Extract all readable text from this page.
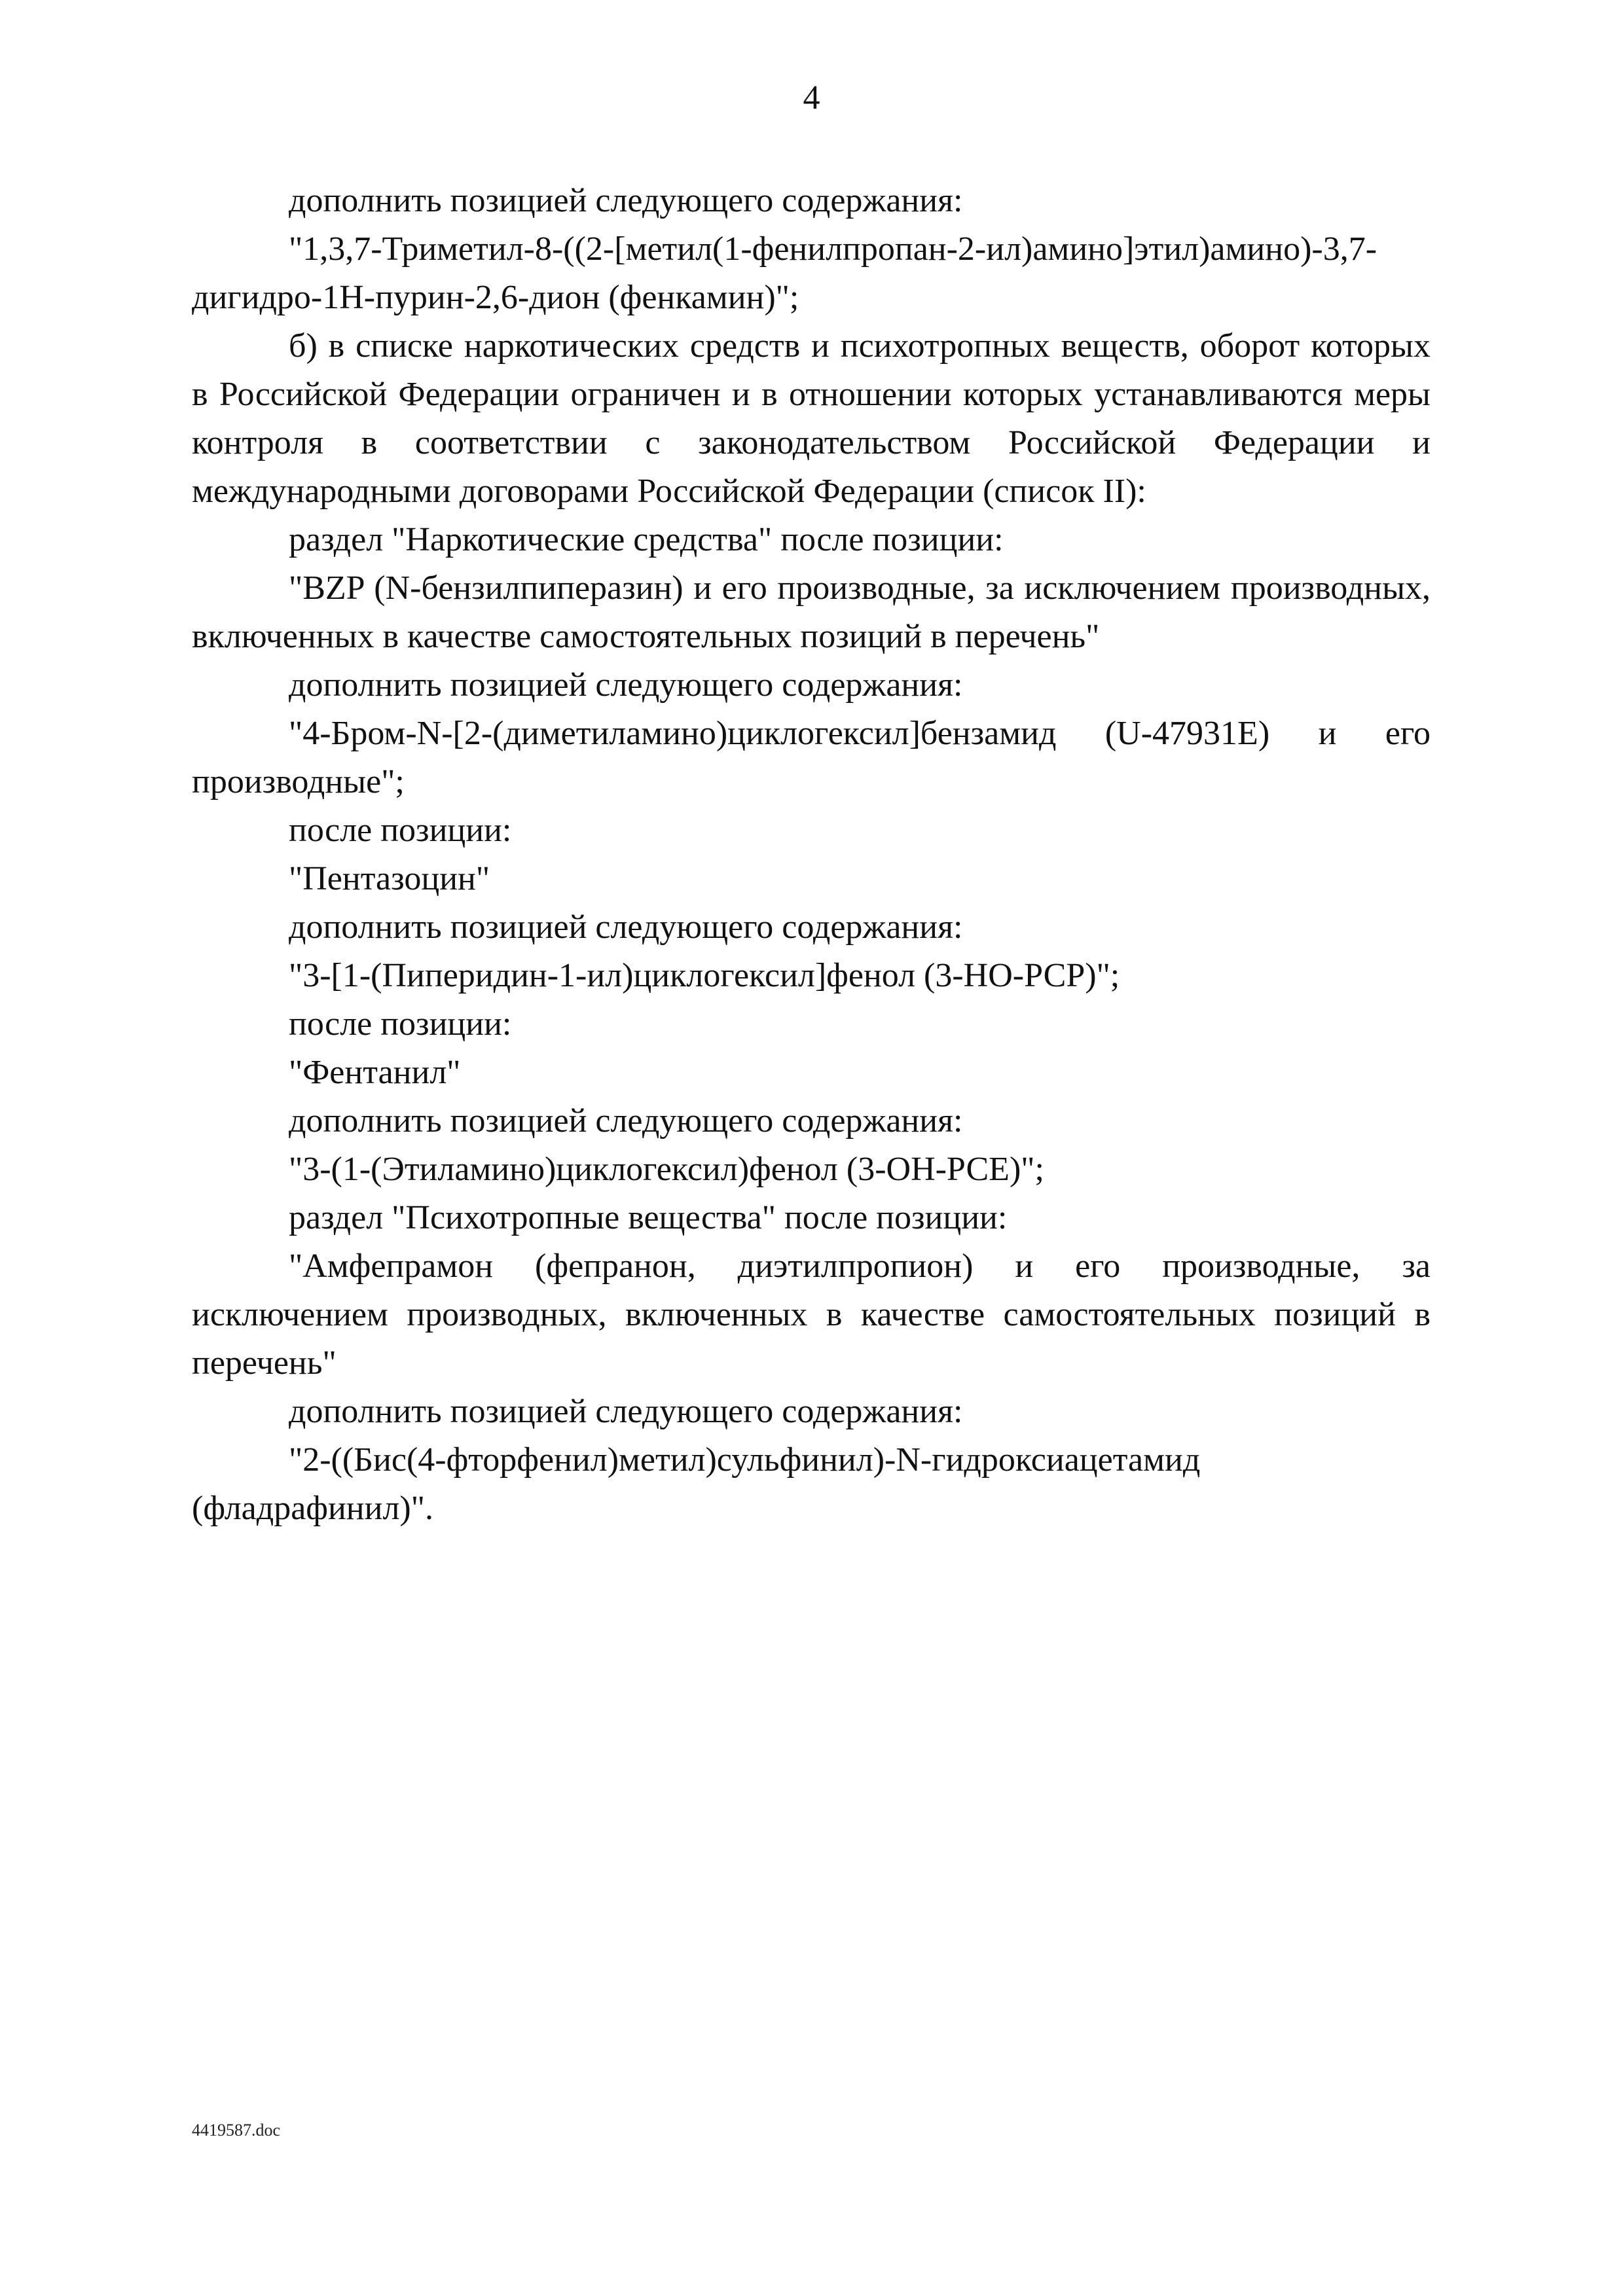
4

дополнить позицией следующего содержания:

"1,3,7-Триметил-8-((2-[метил(1-фенилпропан-2-ил)амино]этил)амино)-3,7-дигидро-1Н-пурин-2,6-дион (фенкамин)";

б) в списке наркотических средств и психотропных веществ, оборот которых в Российской Федерации ограничен и в отношении которых устанавливаются меры контроля в соответствии с законодательством Российской Федерации и международными договорами Российской Федерации (список II):

раздел "Наркотические средства" после позиции:

"BZP (N-бензилпиперазин) и его производные, за исключением производных, включенных в качестве самостоятельных позиций в перечень"

дополнить позицией следующего содержания:

"4-Бром-N-[2-(диметиламино)циклогексил]бензамид (U-47931E) и его производные";

после позиции:

"Пентазоцин"

дополнить позицией следующего содержания:

"3-[1-(Пиперидин-1-ил)циклогексил]фенол (3-НО-РСР)";

после позиции:

"Фентанил"

дополнить позицией следующего содержания:

"3-(1-(Этиламино)циклогексил)фенол (3-ОН-РСЕ)";

раздел "Психотропные вещества" после позиции:

"Амфепрамон (фепранон, диэтилпропион) и его производные, за исключением производных, включенных в качестве самостоятельных позиций в перечень"

дополнить позицией следующего содержания:

"2-((Бис(4-фторфенил)метил)сульфинил)-N-гидроксиацетамид (фладрафинил)".

4419587.doc
